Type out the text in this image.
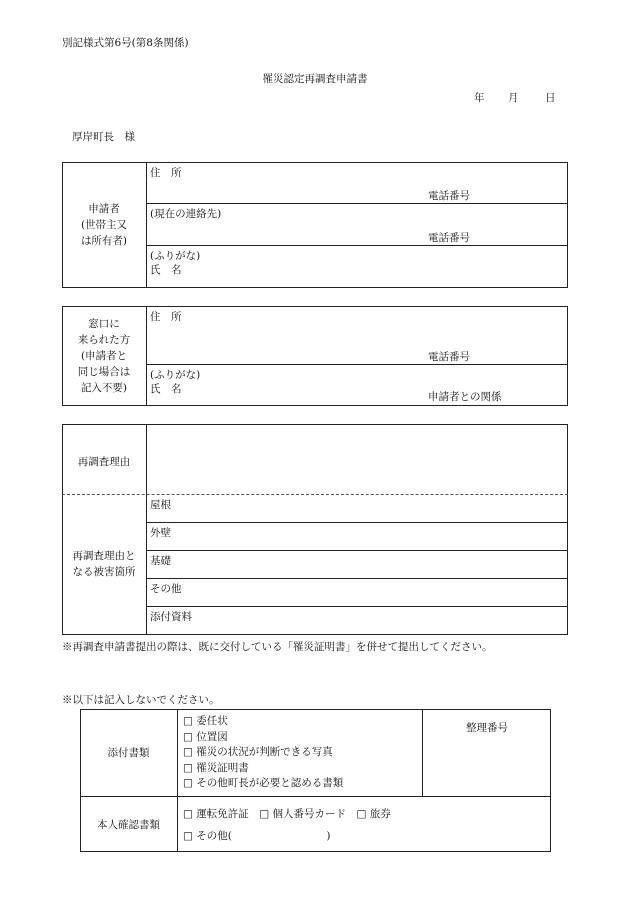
別記様式第6号(第8条関係)
罹災認定再調査申請書
年 月	日
厚岸町長　様
申請者
(世帯主又
は所有者)
住　所
電話番号
(現在の連絡先)
電話番号
(ふりがな)
氏　名
窓口に
来られた方
(申請者と
同じ場合は
記入不要)
住　所
電話番号
(ふりがな)
氏　名
申請者との関係
再調査理由
再調査理由と
なる被害箇所
屋根
外壁
基礎
その他
添付資料
※再調査申請書提出の際は、既に交付している「罹災証明書」を併せて提出してください。
※以下は記入しないでください。
添付書類
□ 委任状
□ 位置図
□ 罹災の状況が判断できる写真
□ 罹災証明書
□ その他町長が必要と認める書類
整理番号
本人確認書類
□ 運転免許証　□ 個人番号カード　□ 旅券
□ その他(　　　　　　　　　)
